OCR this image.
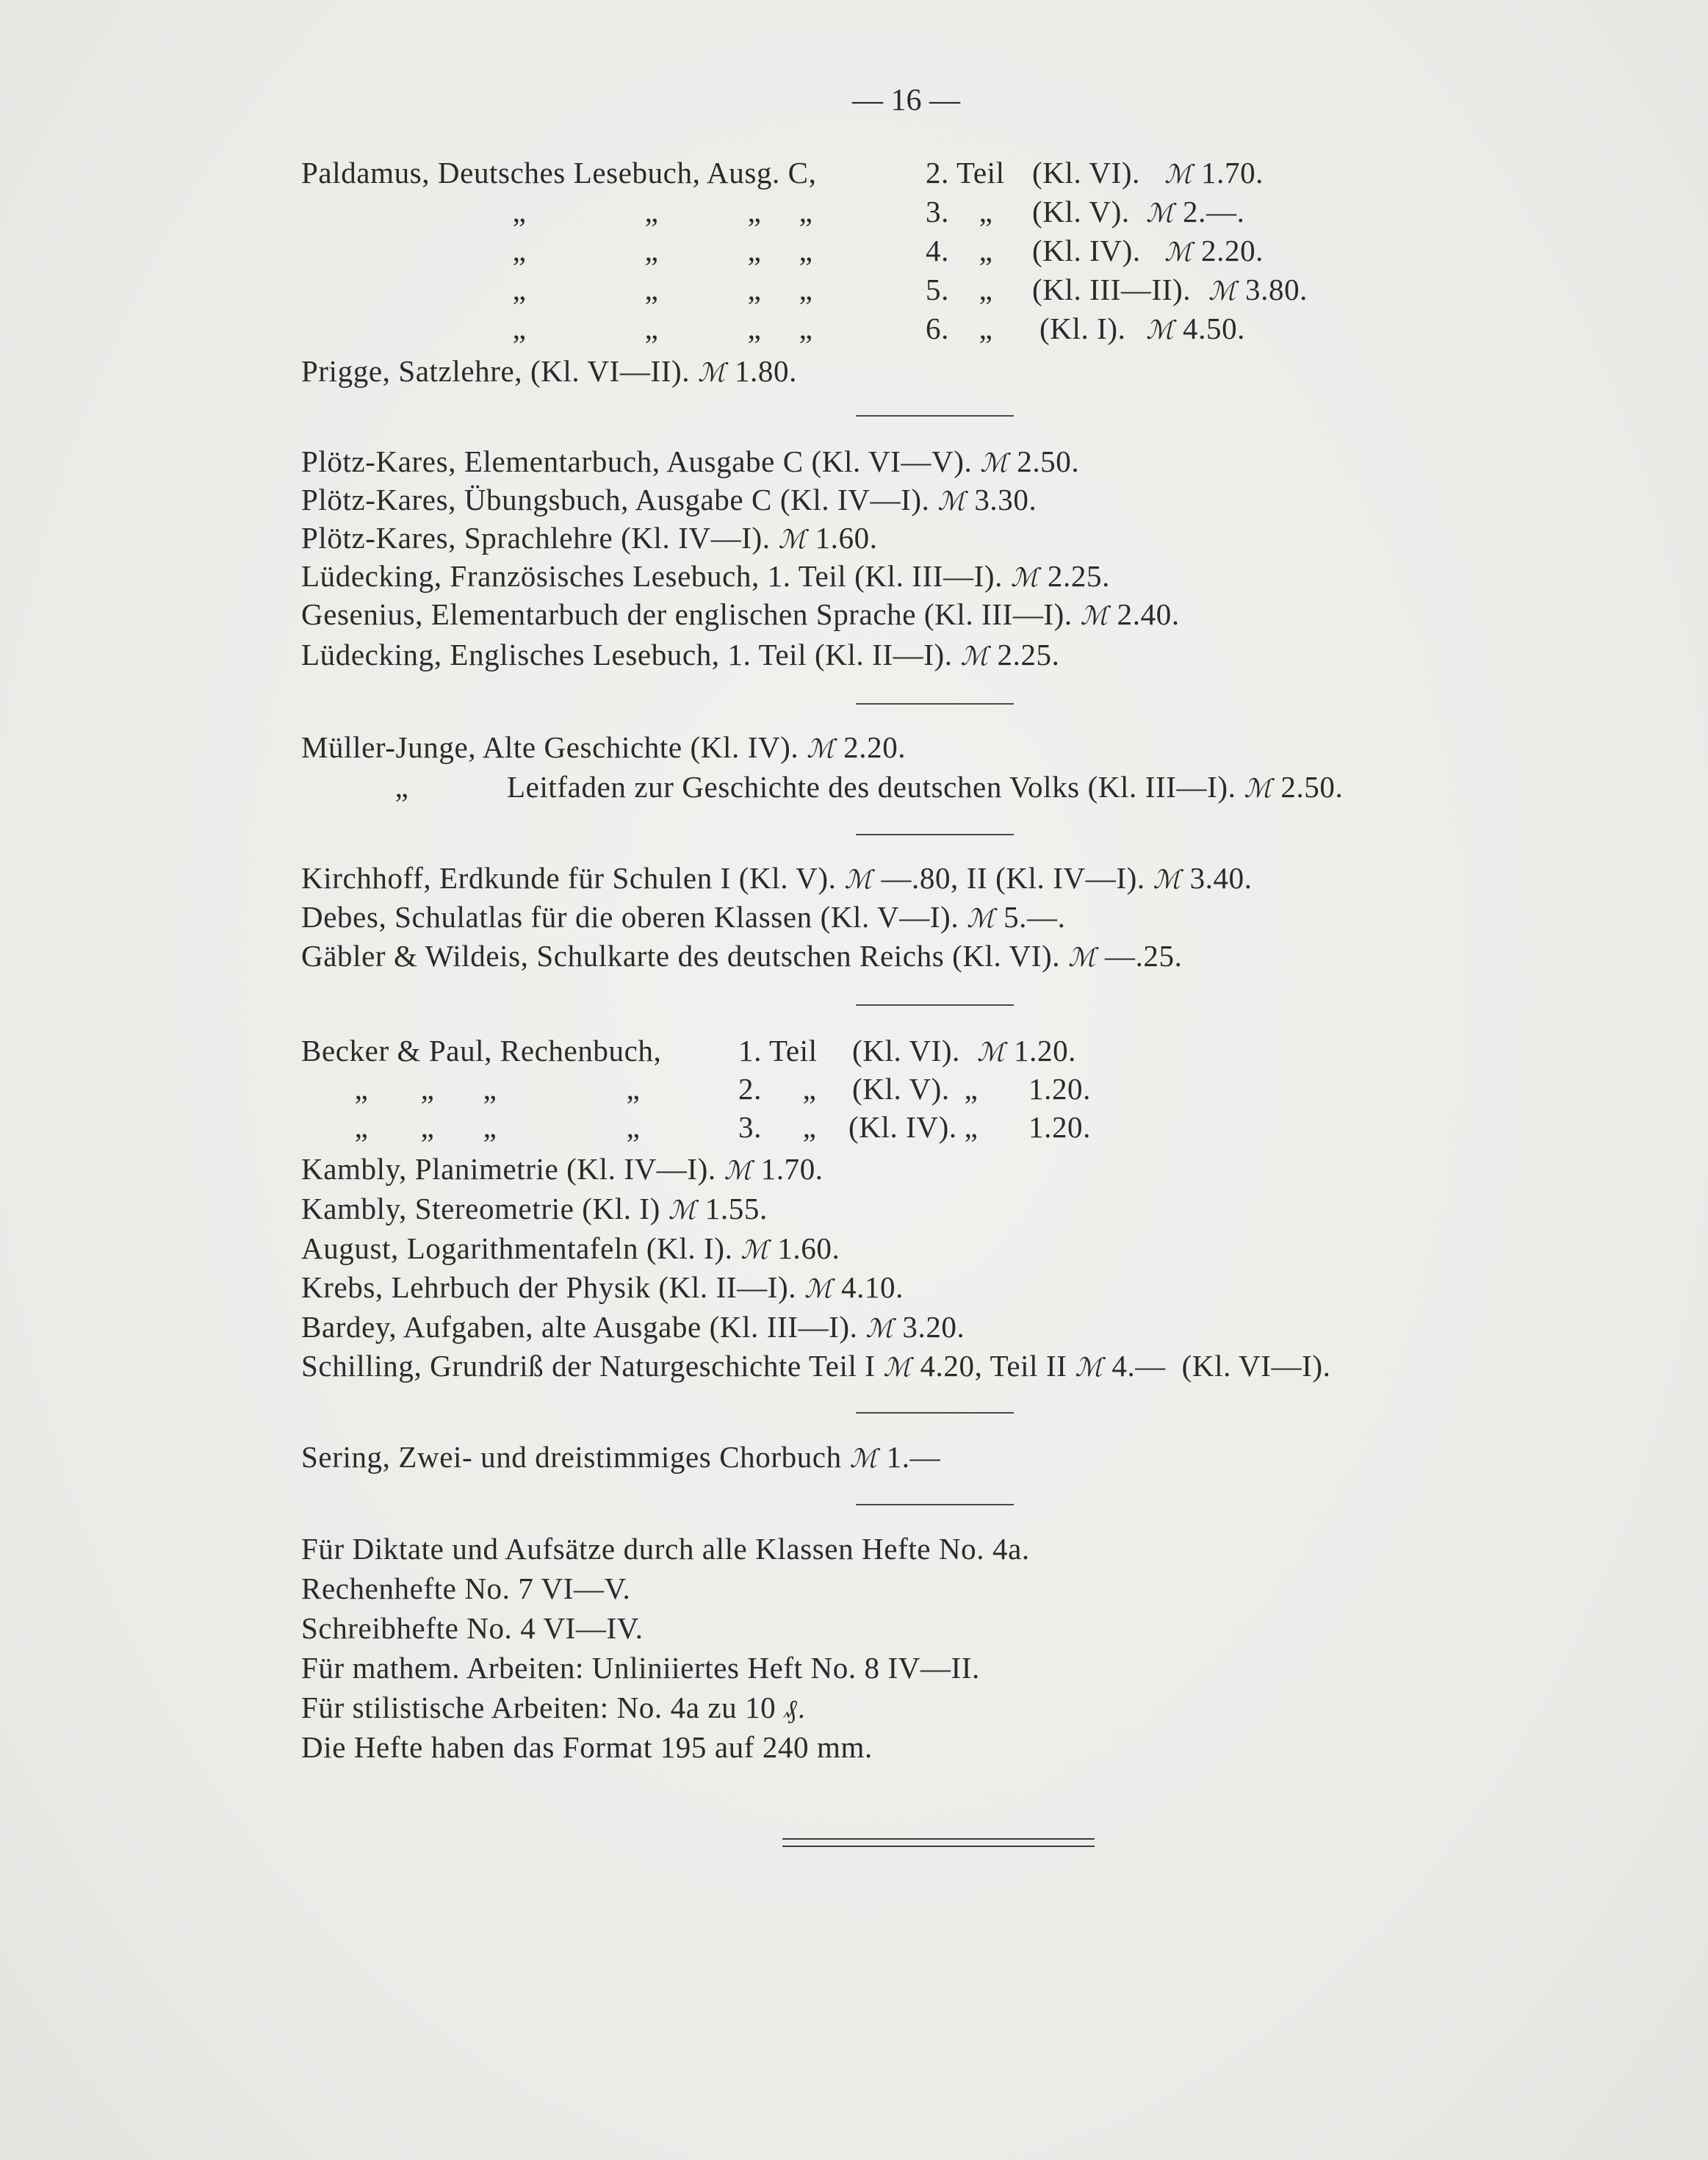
— 16 —
Paldamus, Deutsches Lesebuch, Ausg. C,	2. Teil (Kl. VI). ℳ 1.70.
„	„	„ „	3. „ (Kl. V). ℳ 2.—.
„	„	„ „	4. „ (Kl. IV). ℳ 2.20.
„	„	„ „	5. „ (Kl. III—II). ℳ 3.80.
„	„	„ „	6. „ (Kl. I). ℳ 4.50.
Prigge, Satzlehre, (Kl. VI—II). ℳ 1.80.
Plötz-Kares, Elementarbuch, Ausgabe C (Kl. VI—V). ℳ 2.50.
Plötz-Kares, Übungsbuch, Ausgabe C (Kl. IV—I). ℳ 3.30.
Plötz-Kares, Sprachlehre (Kl. IV—I). ℳ 1.60.
Lüdecking, Französisches Lesebuch, 1. Teil (Kl. III—I). ℳ 2.25.
Gesenius, Elementarbuch der englischen Sprache (Kl. III—I). ℳ 2.40.
Lüdecking, Englisches Lesebuch, 1. Teil (Kl. II—I). ℳ 2.25.
Müller-Junge, Alte Geschichte (Kl. IV). ℳ 2.20.
„	Leitfaden zur Geschichte des deutschen Volks (Kl. III—I). ℳ 2.50.
Kirchhoff, Erdkunde für Schulen I (Kl. V). ℳ —.80, II (Kl. IV—I). ℳ 3.40.
Debes, Schulatlas für die oberen Klassen (Kl. V—I). ℳ 5.—.
Gäbler & Wildeis, Schulkarte des deutschen Reichs (Kl. VI). ℳ —.25.
Becker & Paul, Rechenbuch,	1. Teil (Kl. VI). ℳ 1.20.
„ „ „	„	2. „ (Kl. V). „ 1.20.
„ „ „	„	3. „ (Kl. IV). „ 1.20.
Kambly, Planimetrie (Kl. IV—I). ℳ 1.70.
Kambly, Stereometrie (Kl. I) ℳ 1.55.
August, Logarithmentafeln (Kl. I). ℳ 1.60.
Krebs, Lehrbuch der Physik (Kl. II—I). ℳ 4.10.
Bardey, Aufgaben, alte Ausgabe (Kl. III—I). ℳ 3.20.
Schilling, Grundriß der Naturgeschichte Teil I ℳ 4.20, Teil II ℳ 4.— (Kl. VI—I).
Sering, Zwei- und dreistimmiges Chorbuch ℳ 1.—
Für Diktate und Aufsätze durch alle Klassen Hefte No. 4a.
Rechenhefte No. 7 VI—V.
Schreibhefte No. 4 VI—IV.
Für mathem. Arbeiten: Unliniiertes Heft No. 8 IV—II.
Für stilistische Arbeiten: No. 4a zu 10 ₰.
Die Hefte haben das Format 195 auf 240 mm.
